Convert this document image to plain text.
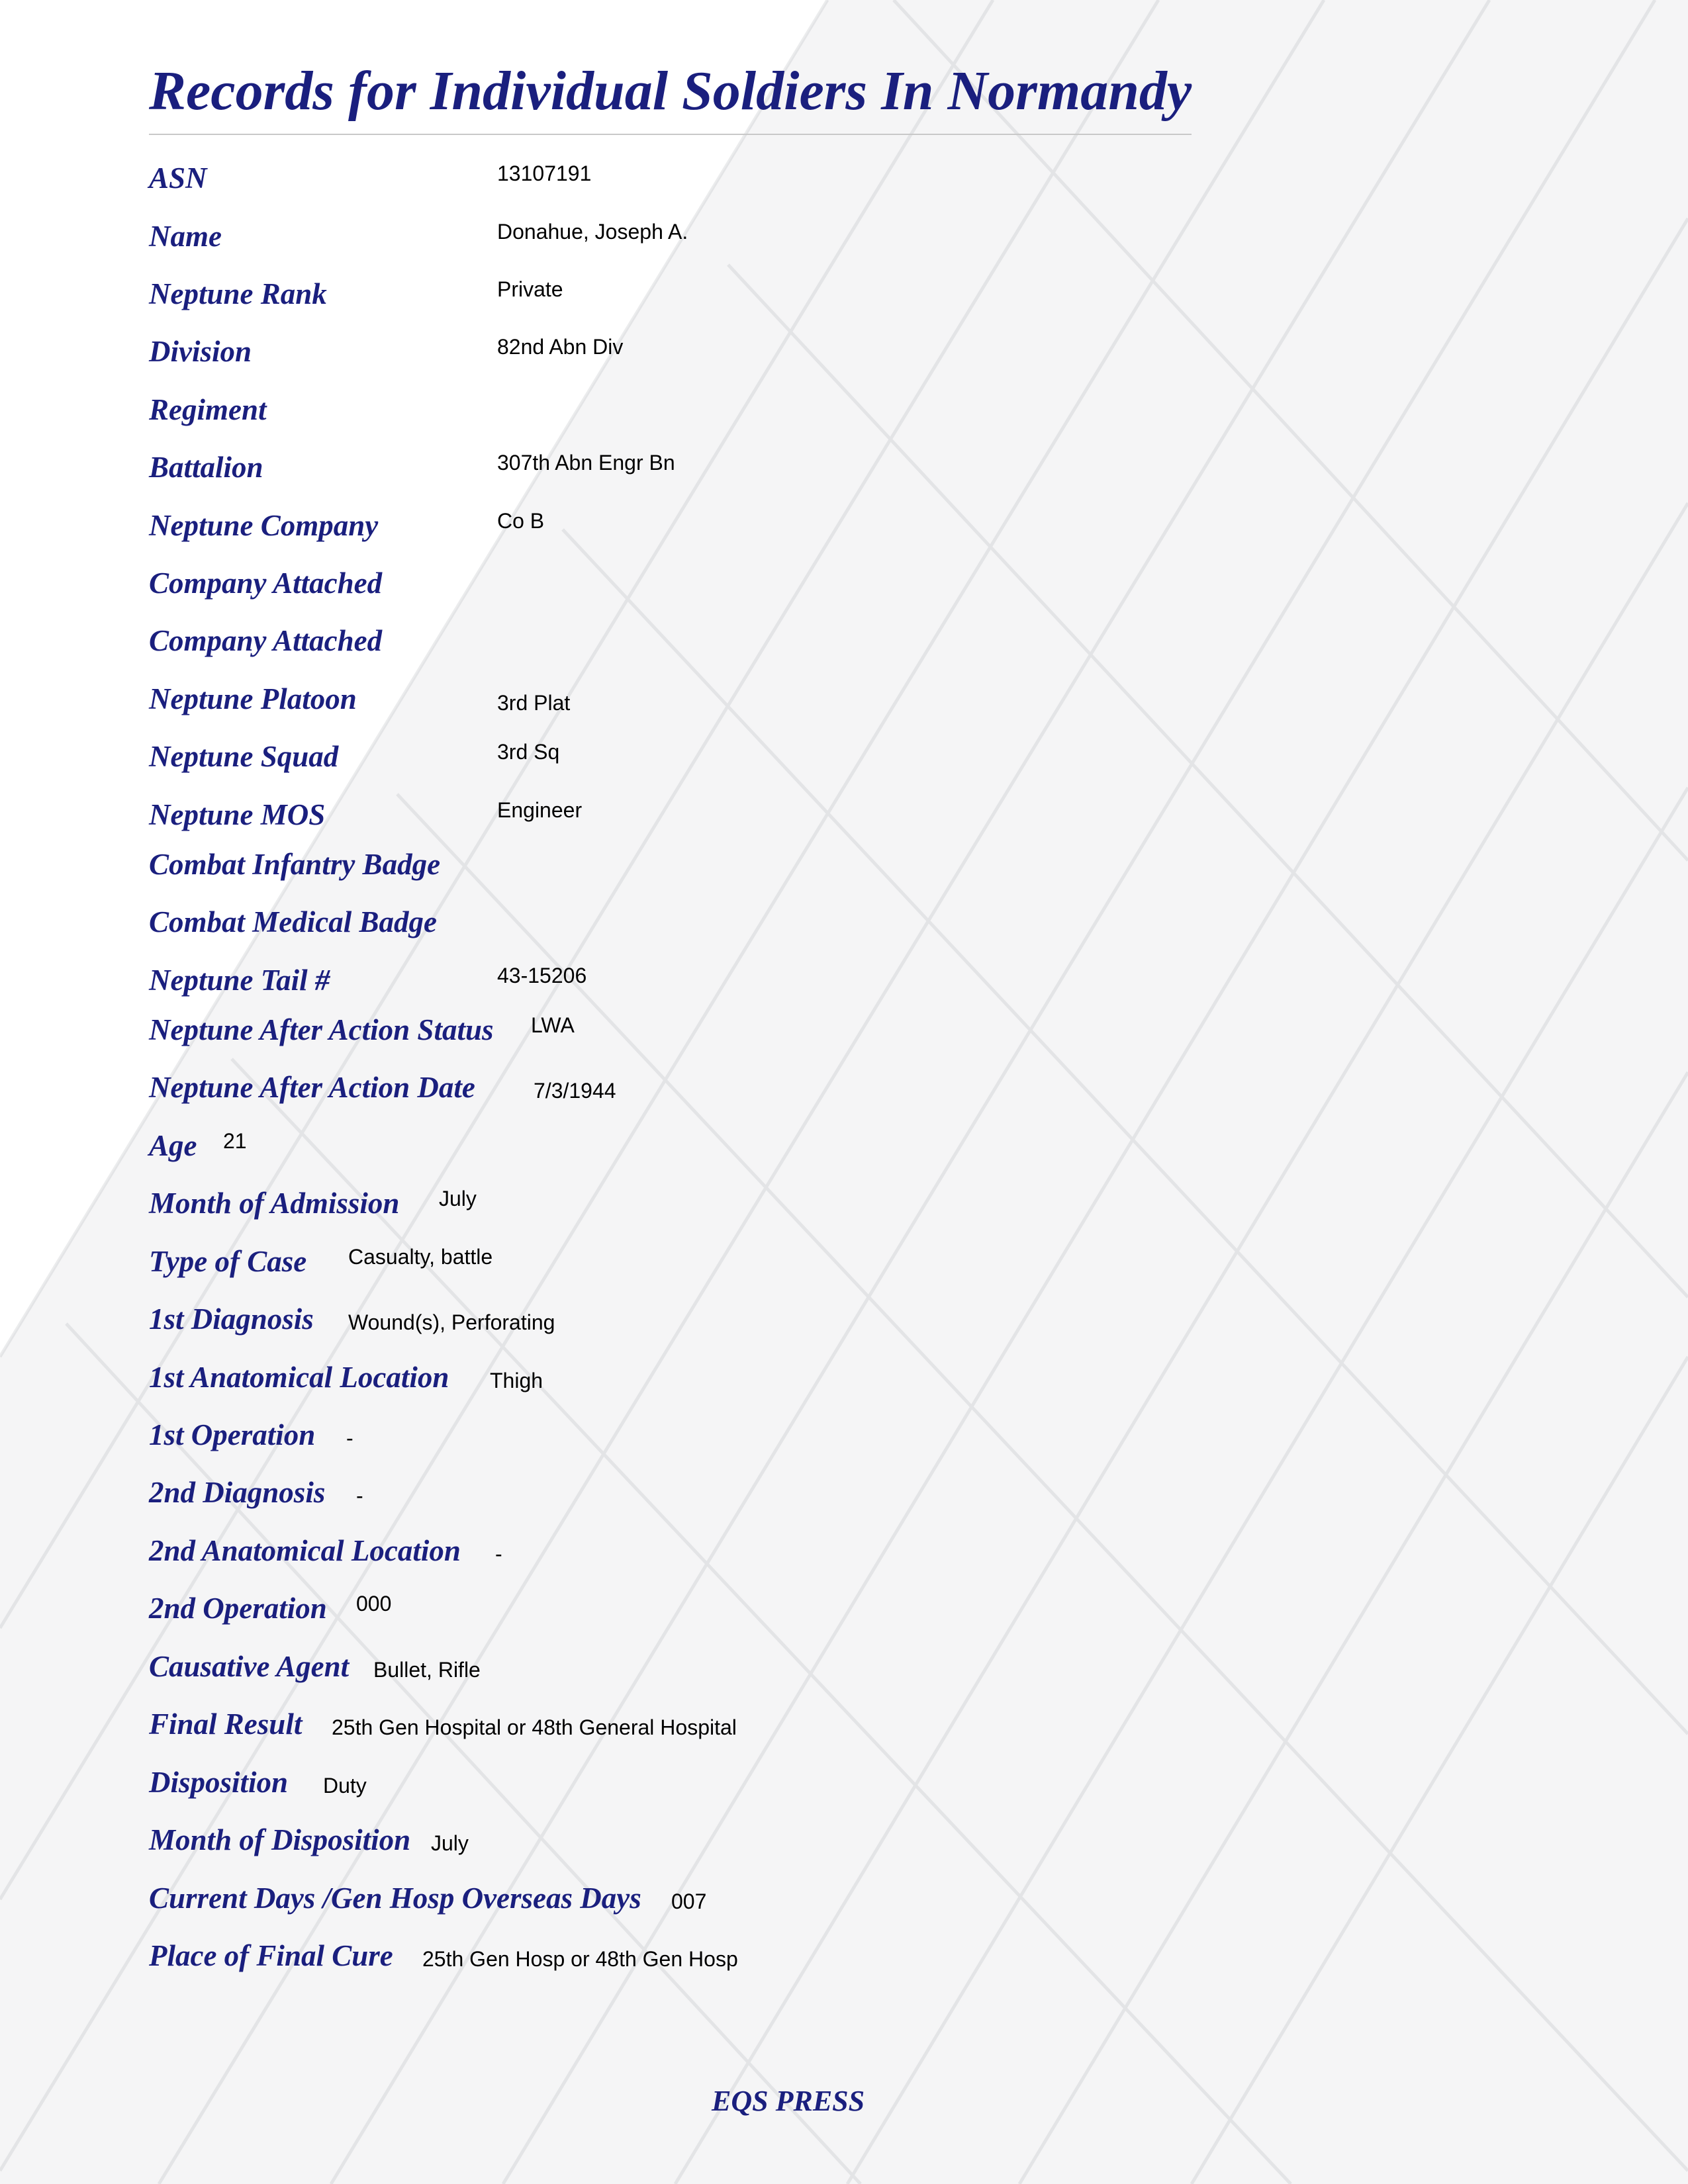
Records for Individual Soldiers In Normandy
ASN	13107191
Name	Donahue, Joseph A.
Neptune Rank	Private
Division	82nd Abn Div
Regiment
Battalion	307th Abn Engr Bn
Neptune Company	Co B
Company Attached
Company Attached
Neptune Platoon	3rd Plat
Neptune Squad	3rd Sq
Neptune MOS	Engineer
Combat Infantry Badge
Combat Medical Badge
Neptune Tail #	43-15206
Neptune After Action Status LWA
Neptune After Action Date	7/3/1944
Age 21
Month of Admission July
Type of Case Casualty, battle
1st Diagnosis Wound(s), Perforating
1st Anatomical Location Thigh
1st Operation -
2nd Diagnosis -
2nd Anatomical Location -
2nd Operation 000
Causative Agent Bullet, Rifle
Final Result 25th Gen Hospital or 48th General Hospital
Disposition Duty
Month of Disposition July
Current Days /Gen Hosp Overseas Days 007
Place of Final Cure 25th Gen Hosp or 48th Gen Hosp
EQS PRESS
